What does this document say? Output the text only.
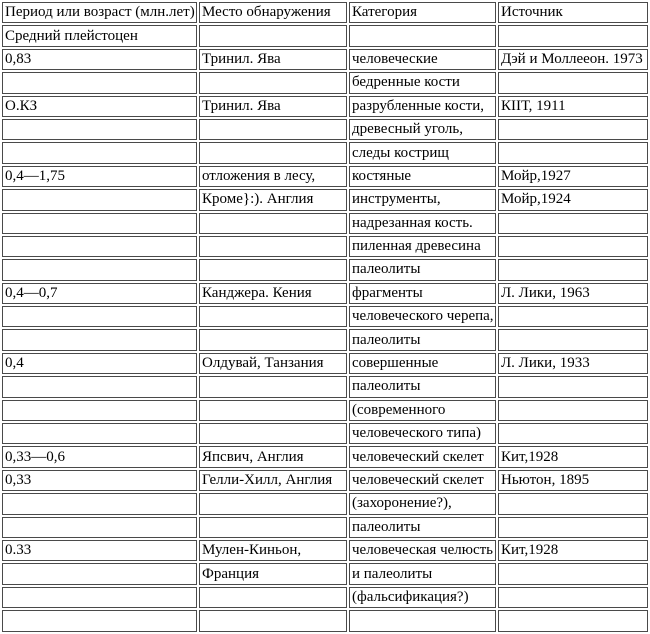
Период или возраст (млн.лет)	Место обнаружения	Категория	Источник
Средний плейстоцен			
0,83	Тринил. Ява	человеческие	Дэй и Моллееон. 1973
		бедренные кости	
О.КЗ	Тринил. Ява	разрубленные кости,	КIIТ, 1911
		древесный уголь,	
		следы кострищ	
0,4—1,75	отложения в лесу,	костяные	Мойр,1927
	Кроме}:). Англия	инструменты,	Мойр,1924
		надрезанная кость.	
		пиленная древесина	
		палеолиты	
0,4—0,7	Канджера. Кения	фрагменты	Л. Лики, 1963
		человеческого черепа,	
		палеолиты	
0,4	Олдувай, Танзания	совершенные	Л. Лики, 1933
		палеолиты	
		(современного	
		человеческого типа)	
0,33—0,6	Япсвич, Англия	человеческий скелет	Кит,1928
0,33	Гелли-Хилл, Англия	человеческий скелет	Ньютон, 1895
		(захоронение?),	
		палеолиты	
0.33	Мулен-Киньон,	человеческая челюсть	Кит,1928
	Франция	и палеолиты	
		(фальсификация?)	
